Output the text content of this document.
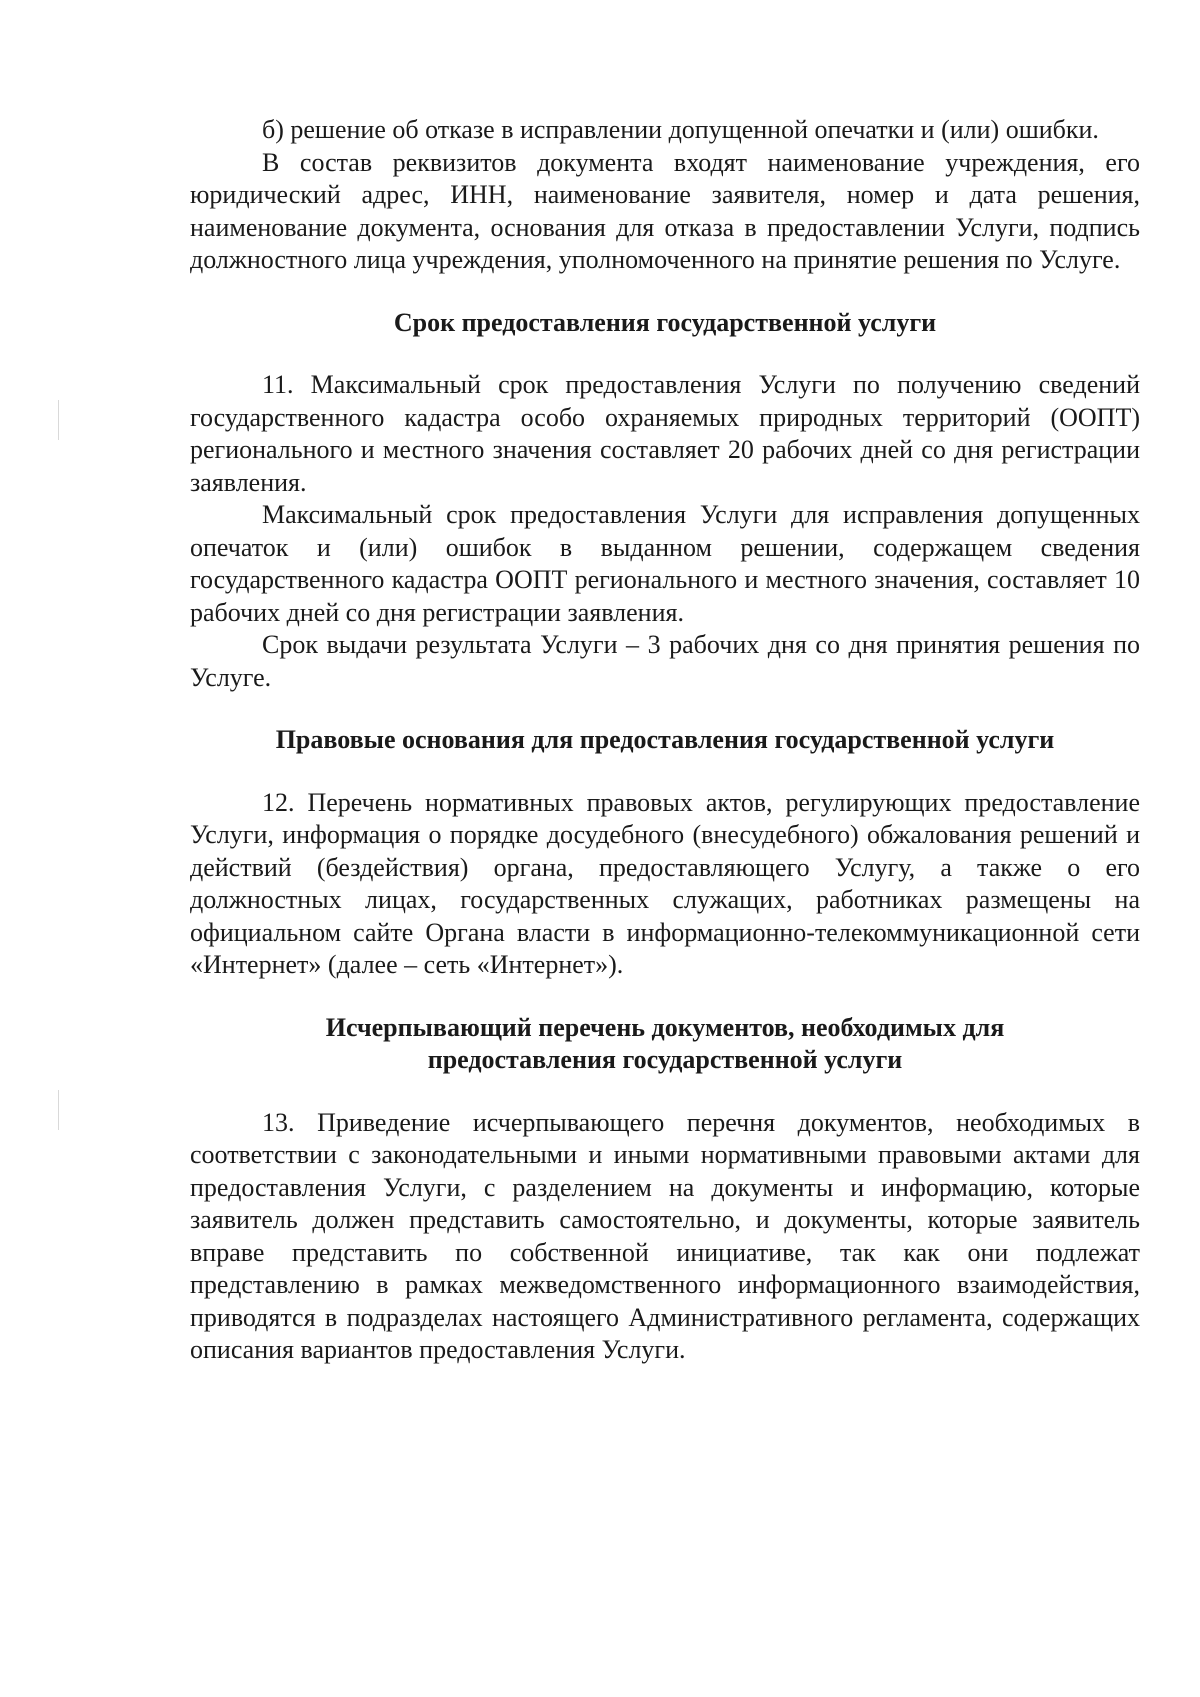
б) решение об отказе в исправлении допущенной опечатки и (или) ошибки.

В состав реквизитов документа входят наименование учреждения, его юридический адрес, ИНН, наименование заявителя, номер и дата решения, наименование документа, основания для отказа в предоставлении Услуги, подпись должностного лица учреждения, уполномоченного на принятие решения по Услуге.

Срок предоставления государственной услуги

11. Максимальный срок предоставления Услуги по получению сведений государственного кадастра особо охраняемых природных территорий (ООПТ) регионального и местного значения составляет 20 рабочих дней со дня регистрации заявления.

Максимальный срок предоставления Услуги для исправления допущенных опечаток и (или) ошибок в выданном решении, содержащем сведения государственного кадастра ООПТ регионального и местного значения, составляет 10 рабочих дней со дня регистрации заявления.

Срок выдачи результата Услуги – 3 рабочих дня со дня принятия решения по Услуге.

Правовые основания для предоставления государственной услуги

12. Перечень нормативных правовых актов, регулирующих предоставление Услуги, информация о порядке досудебного (внесудебного) обжалования решений и действий (бездействия) органа, предоставляющего Услугу, а также о его должностных лицах, государственных служащих, работниках размещены на официальном сайте Органа власти в информационно-телекоммуникационной сети «Интернет» (далее – сеть «Интернет»).

Исчерпывающий перечень документов, необходимых для
предоставления государственной услуги

13. Приведение исчерпывающего перечня документов, необходимых в соответствии с законодательными и иными нормативными правовыми актами для предоставления Услуги, с разделением на документы и информацию, которые заявитель должен представить самостоятельно, и документы, которые заявитель вправе представить по собственной инициативе, так как они подлежат представлению в рамках межведомственного информационного взаимодействия, приводятся в подразделах настоящего Административного регламента, содержащих описания вариантов предоставления Услуги.
